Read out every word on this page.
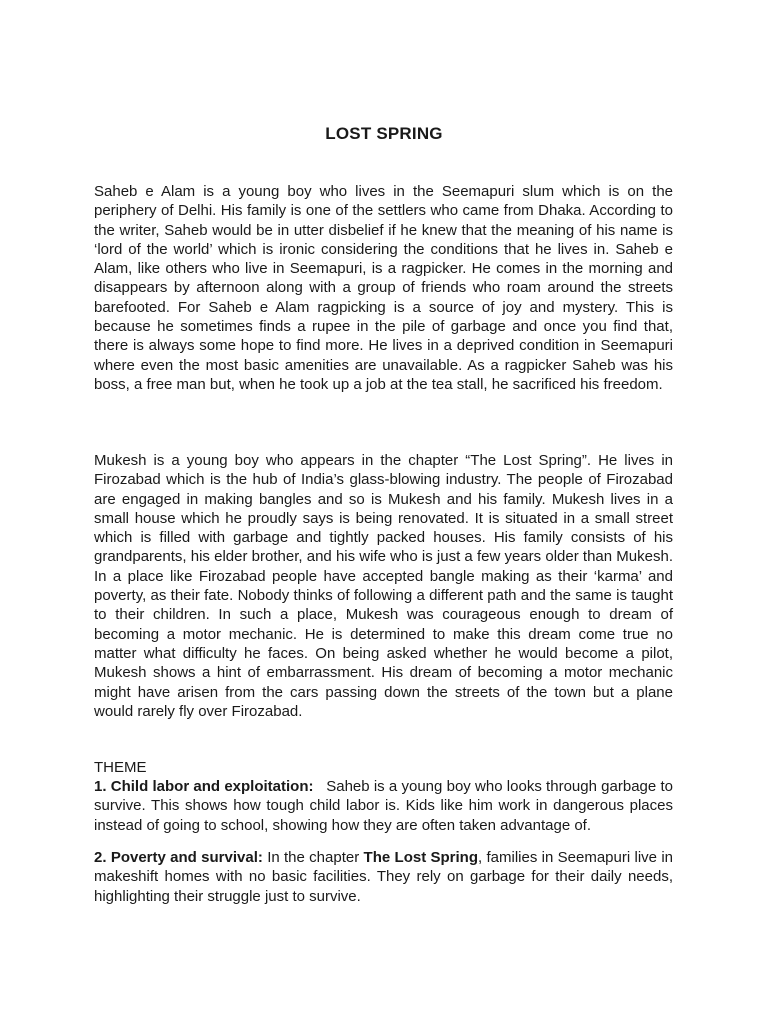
LOST SPRING

Saheb e Alam is a young boy who lives in the Seemapuri slum which is on the periphery of Delhi. His family is one of the settlers who came from Dhaka. According to the writer, Saheb would be in utter disbelief if he knew that the meaning of his name is ‘lord of the world’ which is ironic considering the conditions that he lives in. Saheb e Alam, like others who live in Seemapuri, is a ragpicker. He comes in the morning and disappears by afternoon along with a group of friends who roam around the streets barefooted. For Saheb e Alam ragpicking is a source of joy and mystery. This is because he sometimes finds a rupee in the pile of garbage and once you find that, there is always some hope to find more. He lives in a deprived condition in Seemapuri where even the most basic amenities are unavailable. As a ragpicker Saheb was his boss, a free man but, when he took up a job at the tea stall, he sacrificed his freedom.

Mukesh is a young boy who appears in the chapter “The Lost Spring”. He lives in Firozabad which is the hub of India’s glass-blowing industry. The people of Firozabad are engaged in making bangles and so is Mukesh and his family. Mukesh lives in a small house which he proudly says is being renovated. It is situated in a small street which is filled with garbage and tightly packed houses. His family consists of his grandparents, his elder brother, and his wife who is just a few years older than Mukesh. In a place like Firozabad people have accepted bangle making as their ‘karma’ and poverty, as their fate. Nobody thinks of following a different path and the same is taught to their children. In such a place, Mukesh was courageous enough to dream of becoming a motor mechanic. He is determined to make this dream come true no matter what difficulty he faces. On being asked whether he would become a pilot, Mukesh shows a hint of embarrassment. His dream of becoming a motor mechanic might have arisen from the cars passing down the streets of the town but a plane would rarely fly over Firozabad.

THEME

1. Child labor and exploitation: Saheb is a young boy who looks through garbage to survive. This shows how tough child labor is. Kids like him work in dangerous places instead of going to school, showing how they are often taken advantage of.

2. Poverty and survival: In the chapter The Lost Spring, families in Seemapuri live in makeshift homes with no basic facilities. They rely on garbage for their daily needs, highlighting their struggle just to survive.
